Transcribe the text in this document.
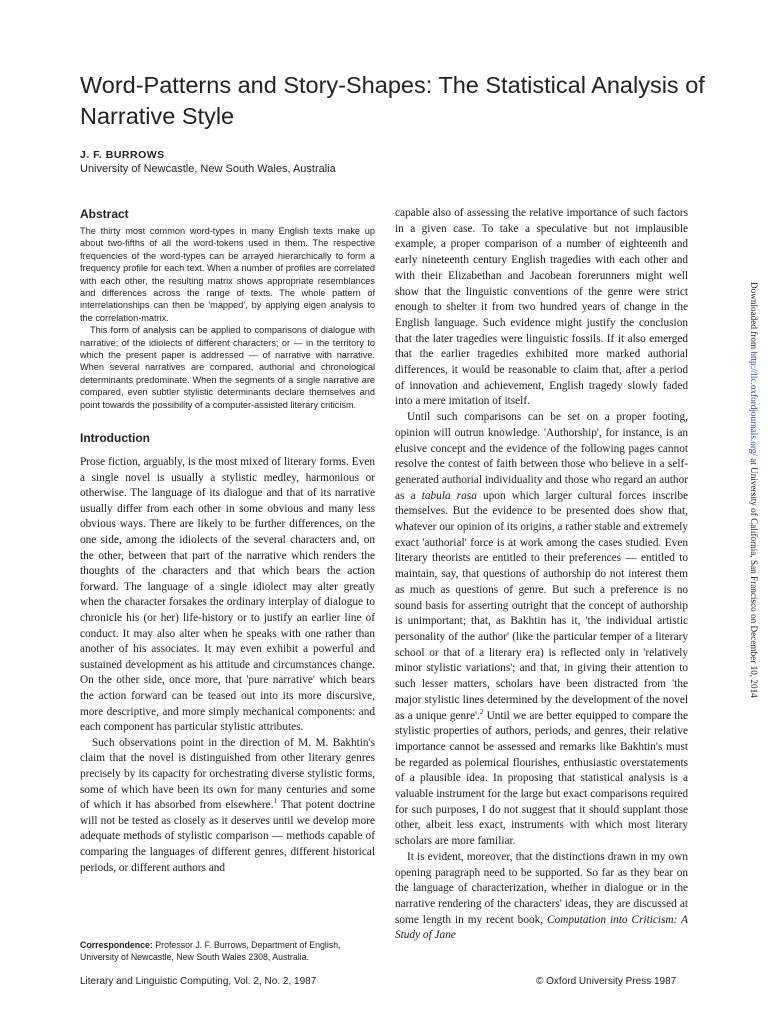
Word-Patterns and Story-Shapes: The Statistical Analysis of Narrative Style
J. F. BURROWS
University of Newcastle, New South Wales, Australia
Abstract

The thirty most common word-types in many English texts make up about two-fifths of all the word-tokens used in them. The respective frequencies of the word-types can be arrayed hierarchically to form a frequency profile for each text. When a number of profiles are correlated with each other, the resulting matrix shows appropriate resemblances and differences across the range of texts. The whole pattern of interrelationships can then be 'mapped', by applying eigen analysis to the correlation-matrix.

This form of analysis can be applied to comparisons of dialogue with narrative; of the idiolects of different characters; or — in the territory to which the present paper is addressed — of narrative with narrative. When several narratives are compared, authorial and chronological determinants predominate. When the segments of a single narrative are compared, even subtler stylistic determinants declare themselves and point towards the possibility of a computer-assisted literary criticism.

Introduction

Prose fiction, arguably, is the most mixed of literary forms. Even a single novel is usually a stylistic medley, harmonious or otherwise. The language of its dialogue and that of its narrative usually differ from each other in some obvious and many less obvious ways. There are likely to be further differences, on the one side, among the idiolects of the several characters and, on the other, between that part of the narrative which renders the thoughts of the characters and that which bears the action forward. The language of a single idiolect may alter greatly when the character forsakes the ordinary interplay of dialogue to chronicle his (or her) life-history or to justify an earlier line of conduct. It may also alter when he speaks with one rather than another of his associates. It may even exhibit a powerful and sustained development as his attitude and circumstances change. On the other side, once more, that 'pure narrative' which bears the action forward can be teased out into its more discursive, more descriptive, and more simply mechanical components: and each component has particular stylistic attributes.

Such observations point in the direction of M. M. Bakhtin's claim that the novel is distinguished from other literary genres precisely by its capacity for orchestrating diverse stylistic forms, some of which have been its own for many centuries and some of which it has absorbed from elsewhere.$^1$ That potent doctrine will not be tested as closely as it deserves until we develop more adequate methods of stylistic comparison — methods capable of comparing the languages of different genres, different historical periods, or different authors and

capable also of assessing the relative importance of such factors in a given case. To take a speculative but not implausible example, a proper comparison of a number of eighteenth and early nineteenth century English tragedies with each other and with their Elizabethan and Jacobean forerunners might well show that the linguistic conventions of the genre were strict enough to shelter it from two hundred years of change in the English language. Such evidence might justify the conclusion that the later tragedies were linguistic fossils. If it also emerged that the earlier tragedies exhibited more marked authorial differences, it would be reasonable to claim that, after a period of innovation and achievement, English tragedy slowly faded into a mere imitation of itself.

Until such comparisons can be set on a proper footing, opinion will outrun knowledge. 'Authorship', for instance, is an elusive concept and the evidence of the following pages cannot resolve the contest of faith between those who believe in a self-generated authorial individuality and those who regard an author as a tabula rasa upon which larger cultural forces inscribe themselves. But the evidence to be presented does show that, whatever our opinion of its origins, a rather stable and extremely exact 'authorial' force is at work among the cases studied. Even literary theorists are entitled to their preferences — entitled to maintain, say, that questions of authorship do not interest them as much as questions of genre. But such a preference is no sound basis for asserting outright that the concept of authorship is unimportant; that, as Bakhtin has it, 'the individual artistic personality of the author' (like the particular temper of a literary school or that of a literary era) is reflected only in 'relatively minor stylistic variations'; and that, in giving their attention to such lesser matters, scholars have been distracted from 'the major stylistic lines determined by the development of the novel as a unique genre'.$^2$ Until we are better equipped to compare the stylistic properties of authors, periods, and genres, their relative importance cannot be assessed and remarks like Bakhtin's must be regarded as polemical flourishes, enthusiastic overstatements of a plausible idea. In proposing that statistical analysis is a valuable instrument for the large but exact comparisons required for such purposes, I do not suggest that it should supplant those other, albeit less exact, instruments with which most literary scholars are more familiar.

It is evident, moreover, that the distinctions drawn in my own opening paragraph need to be supported. So far as they bear on the language of characterization, whether in dialogue or in the narrative rendering of the characters' ideas, they are discussed at some length in my recent book, Computation into Criticism: A Study of Jane

Correspondence: Professor J. F. Burrows, Department of English, University of Newcastle, New South Wales 2308, Australia.
Literary and Linguistic Computing, Vol. 2, No. 2, 1987	© Oxford University Press 1987
Downloaded from http://llc.oxfordjournals.org/ at University of California, San Francisco on December 10, 2014
